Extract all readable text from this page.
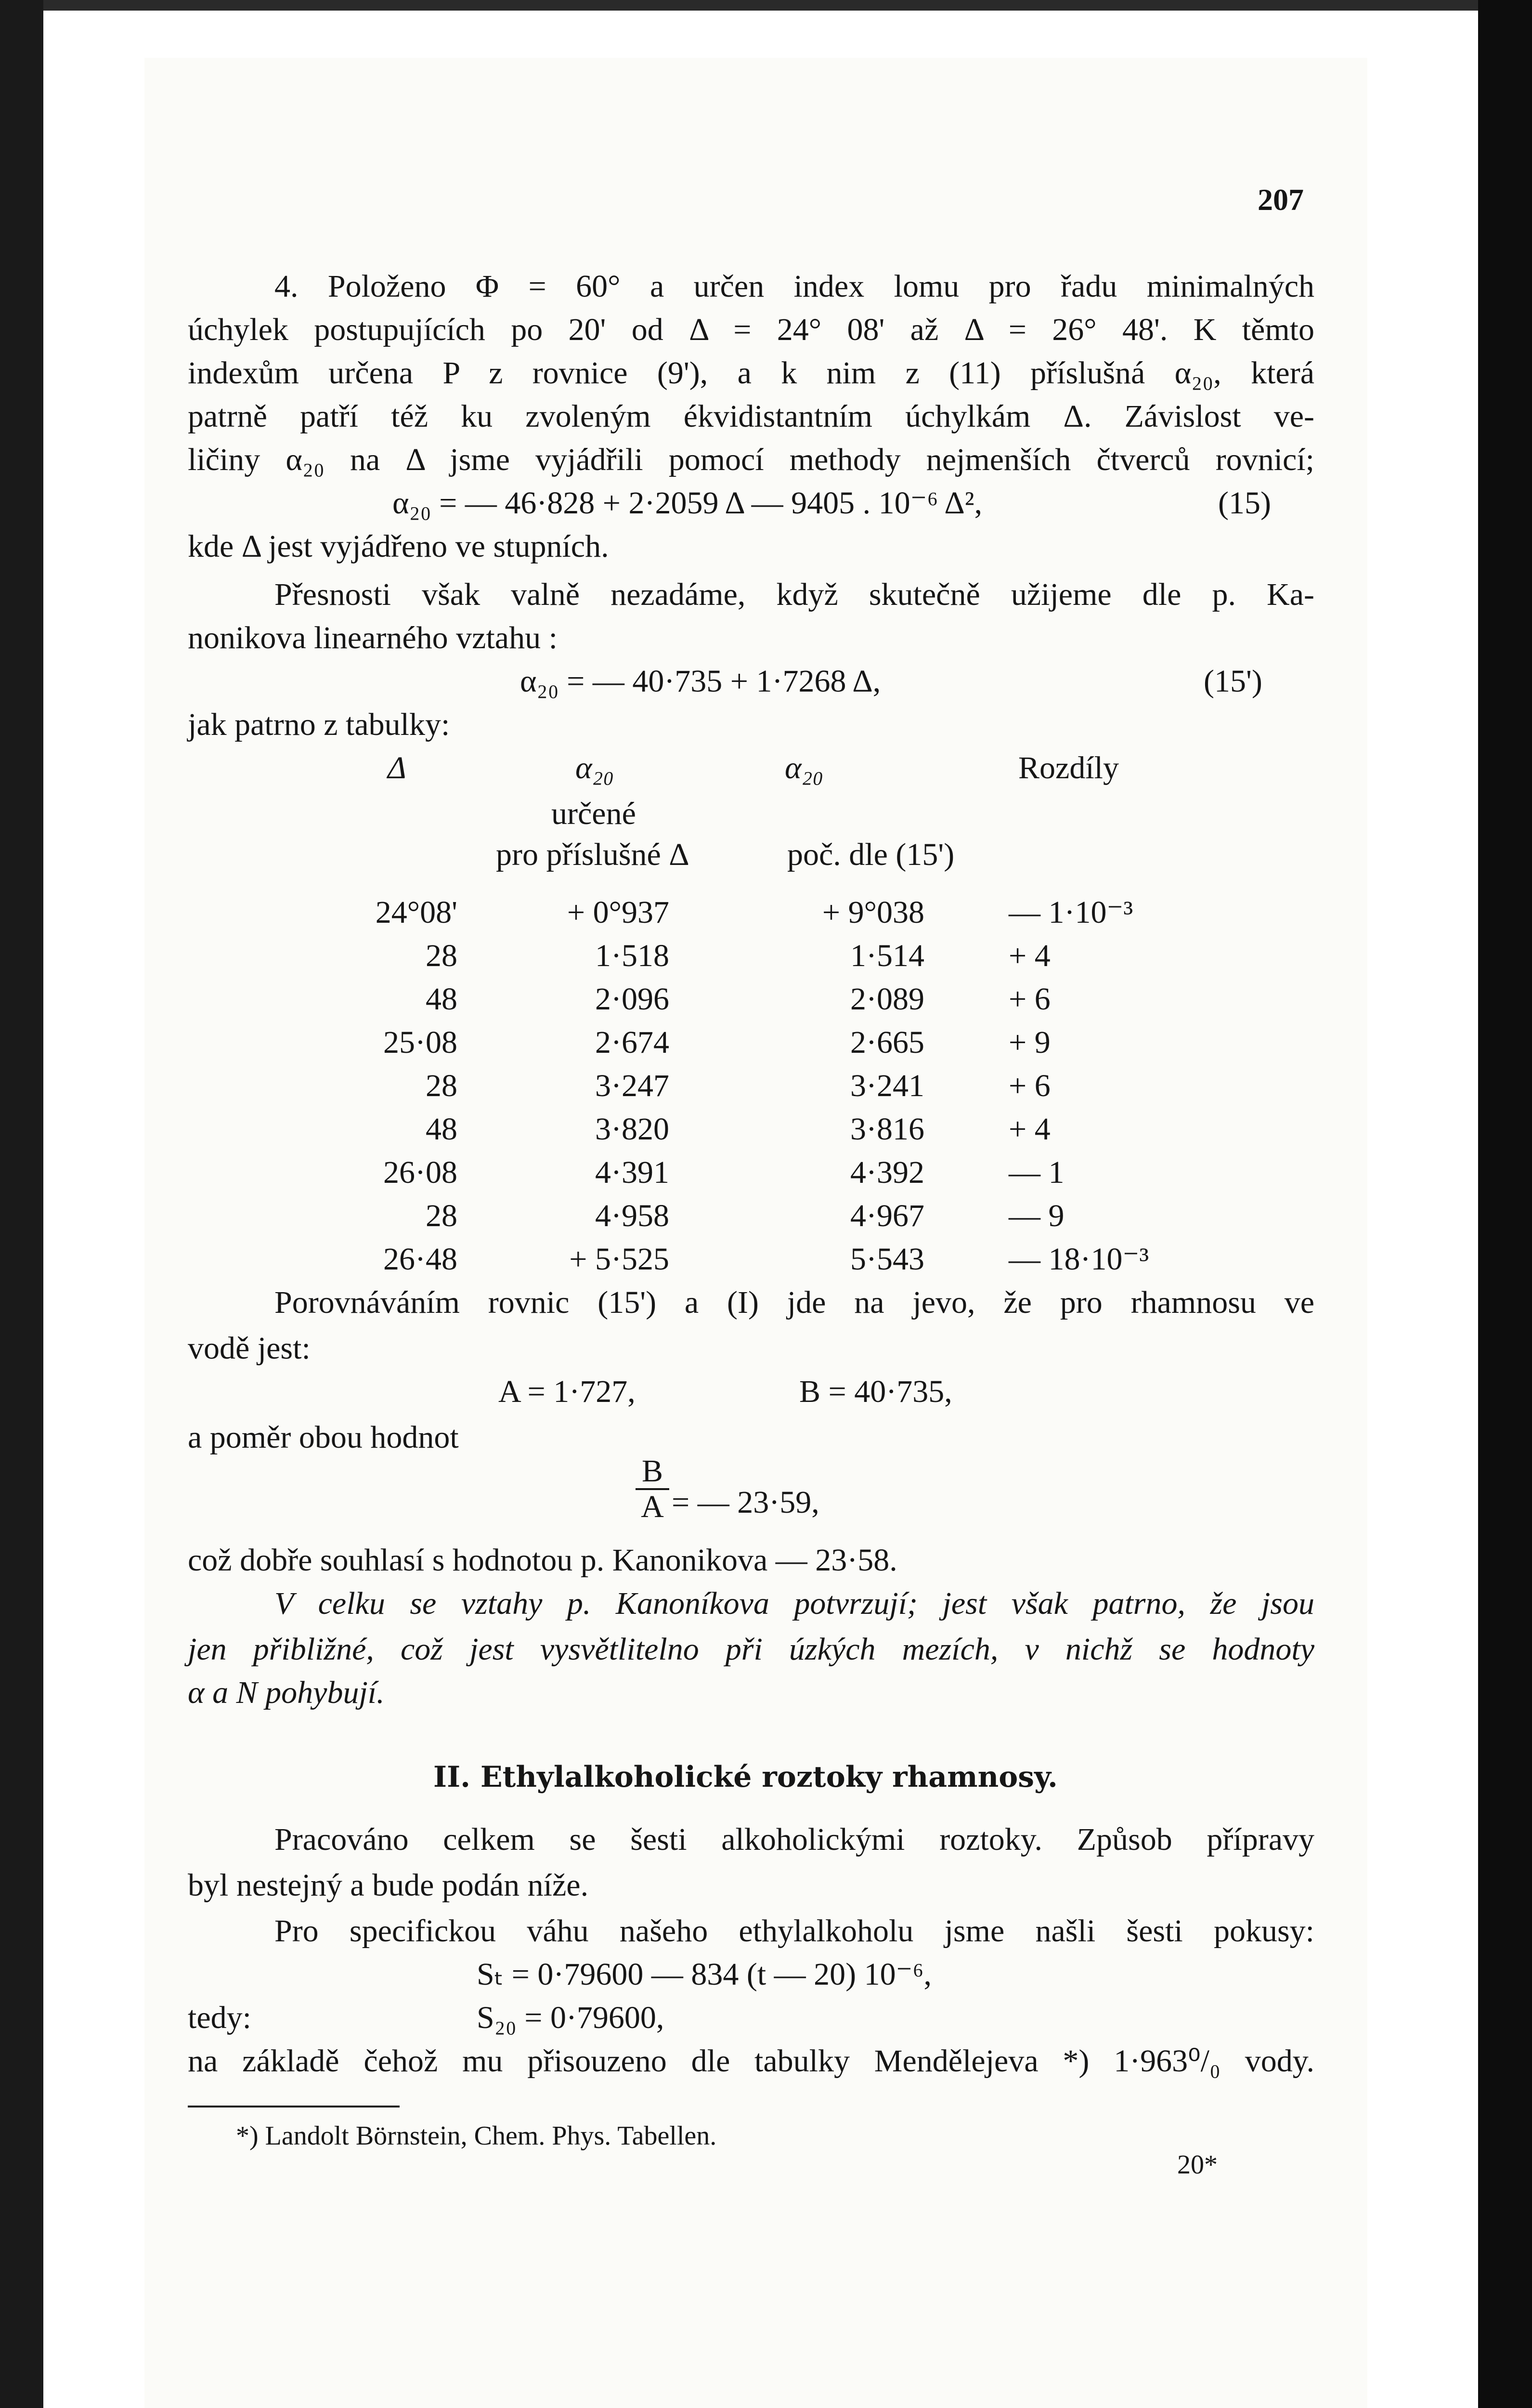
207
4. Položeno Φ = 60° a určen index lomu pro řadu minimalných
úchylek postupujících po 20' od Δ = 24° 08' až Δ = 26° 48'. K těmto
indexům určena P z rovnice (9'), a k nim z (11) příslušná α₂₀, která
patrně patří též ku zvoleným ékvidistantním úchylkám Δ. Závislost ve-
ličiny α₂₀ na Δ jsme vyjádřili pomocí methody nejmenších čtverců rovnicí;
α₂₀ = — 46·828 + 2·2059 Δ — 9405 . 10⁻⁶ Δ²,	(15)
kde Δ jest vyjádřeno ve stupních.
Přesnosti však valně nezadáme, když skutečně užijeme dle p. Ka-
nonikova linearného vztahu :
α₂₀ = — 40·735 + 1·7268 Δ,	(15')
jak patrno z tabulky:
Δ	α₂₀	α₂₀	Rozdíly
určené
pro příslušné Δ	poč. dle (15')
24°08'	+ 0°937	+ 9°038	— 1·10⁻³
28	1·518	1·514	+ 4
48	2·096	2·089	+ 6
25·08	2·674	2·665	+ 9
28	3·247	3·241	+ 6
48	3·820	3·816	+ 4
26·08	4·391	4·392	— 1
28	4·958	4·967	— 9
26·48	+ 5·525	5·543	— 18·10⁻³
Porovnáváním rovnic (15') a (I) jde na jevo, že pro rhamnosu ve
vodě jest:
A = 1·727,	B = 40·735,
a poměr obou hodnot
B
A = — 23·59,
což dobře souhlasí s hodnotou p. Kanonikova — 23·58.
V celku se vztahy p. Kanoníkova potvrzují; jest však patrno, že jsou
jen přibližné, což jest vysvětlitelno při úzkých mezích, v nichž se hodnoty
α a N pohybují.
II. Ethylalkoholické roztoky rhamnosy.
Pracováno celkem se šesti alkoholickými roztoky. Způsob přípravy
byl nestejný a bude podán níže.
Pro specifickou váhu našeho ethylalkoholu jsme našli šesti pokusy:
Sₜ = 0·79600 — 834 (t — 20) 10⁻⁶,
tedy:	S₂₀ = 0·79600,
na základě čehož mu přisouzeno dle tabulky Mendělejeva *) 1·963⁰/₀ vody.
*) Landolt Börnstein, Chem. Phys. Tabellen.
20*
